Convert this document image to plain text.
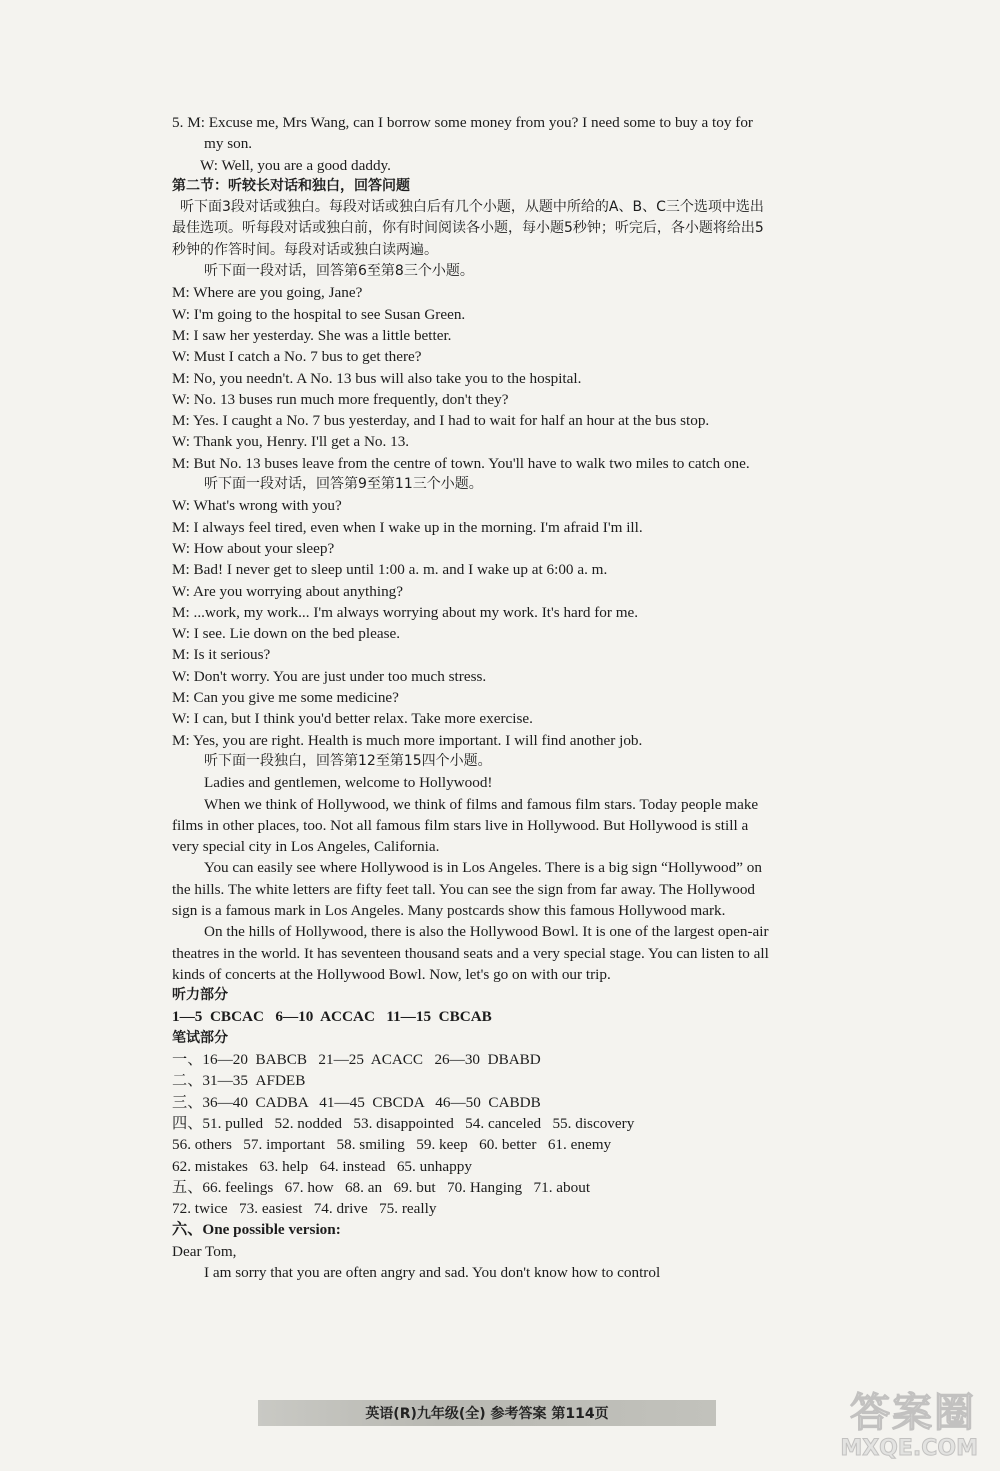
5. M: Excuse me, Mrs Wang, can I borrow some money from you? I need some to buy a toy for my son.
W: Well, you are a good daddy.
第二节：听较长对话和独白，回答问题
听下面3段对话或独白。每段对话或独白后有几个小题，从题中所给的A、B、C三个选项中选出最佳选项。听每段对话或独白前，你有时间阅读各小题，每小题5秒钟；听完后，各小题将给出5秒钟的作答时间。每段对话或独白读两遍。
听下面一段对话，回答第6至第8三个小题。
M: Where are you going, Jane?
W: I'm going to the hospital to see Susan Green.
M: I saw her yesterday. She was a little better.
W: Must I catch a No. 7 bus to get there?
M: No, you needn't. A No. 13 bus will also take you to the hospital.
W: No. 13 buses run much more frequently, don't they?
M: Yes. I caught a No. 7 bus yesterday, and I had to wait for half an hour at the bus stop.
W: Thank you, Henry. I'll get a No. 13.
M: But No. 13 buses leave from the centre of town. You'll have to walk two miles to catch one.
听下面一段对话，回答第9至第11三个小题。
W: What's wrong with you?
M: I always feel tired, even when I wake up in the morning. I'm afraid I'm ill.
W: How about your sleep?
M: Bad! I never get to sleep until 1:00 a. m. and I wake up at 6:00 a. m.
W: Are you worrying about anything?
M: ...work, my work... I'm always worrying about my work. It's hard for me.
W: I see. Lie down on the bed please.
M: Is it serious?
W: Don't worry. You are just under too much stress.
M: Can you give me some medicine?
W: I can, but I think you'd better relax. Take more exercise.
M: Yes, you are right. Health is much more important. I will find another job.
听下面一段独白，回答第12至第15四个小题。
Ladies and gentlemen, welcome to Hollywood!
When we think of Hollywood, we think of films and famous film stars. Today people make films in other places, too. Not all famous film stars live in Hollywood. But Hollywood is still a very special city in Los Angeles, California.
You can easily see where Hollywood is in Los Angeles. There is a big sign “Hollywood” on the hills. The white letters are fifty feet tall. You can see the sign from far away. The Hollywood sign is a famous mark in Los Angeles. Many postcards show this famous Hollywood mark.
On the hills of Hollywood, there is also the Hollywood Bowl. It is one of the largest open-air theatres in the world. It has seventeen thousand seats and a very special stage. You can listen to all kinds of concerts at the Hollywood Bowl. Now, let's go on with our trip.
听力部分
1—5  CBCAC   6—10  ACCAC   11—15  CBCAB
笔试部分
一、16—20  BABCB   21—25  ACACC   26—30  DBABD
二、31—35  AFDEB
三、36—40  CADBA   41—45  CBCDA   46—50  CABDB
四、51. pulled   52. nodded   53. disappointed   54. canceled   55. discovery
56. others   57. important   58. smiling   59. keep   60. better   61. enemy
62. mistakes   63. help   64. instead   65. unhappy
五、66. feelings   67. how   68. an   69. but   70. Hanging   71. about
72. twice   73. easiest   74. drive   75. really
六、One possible version:
Dear Tom,
I am sorry that you are often angry and sad. You don't know how to control
英语(R)九年级(全) 参考答案 第114页	答案圈
MXQE.COM
